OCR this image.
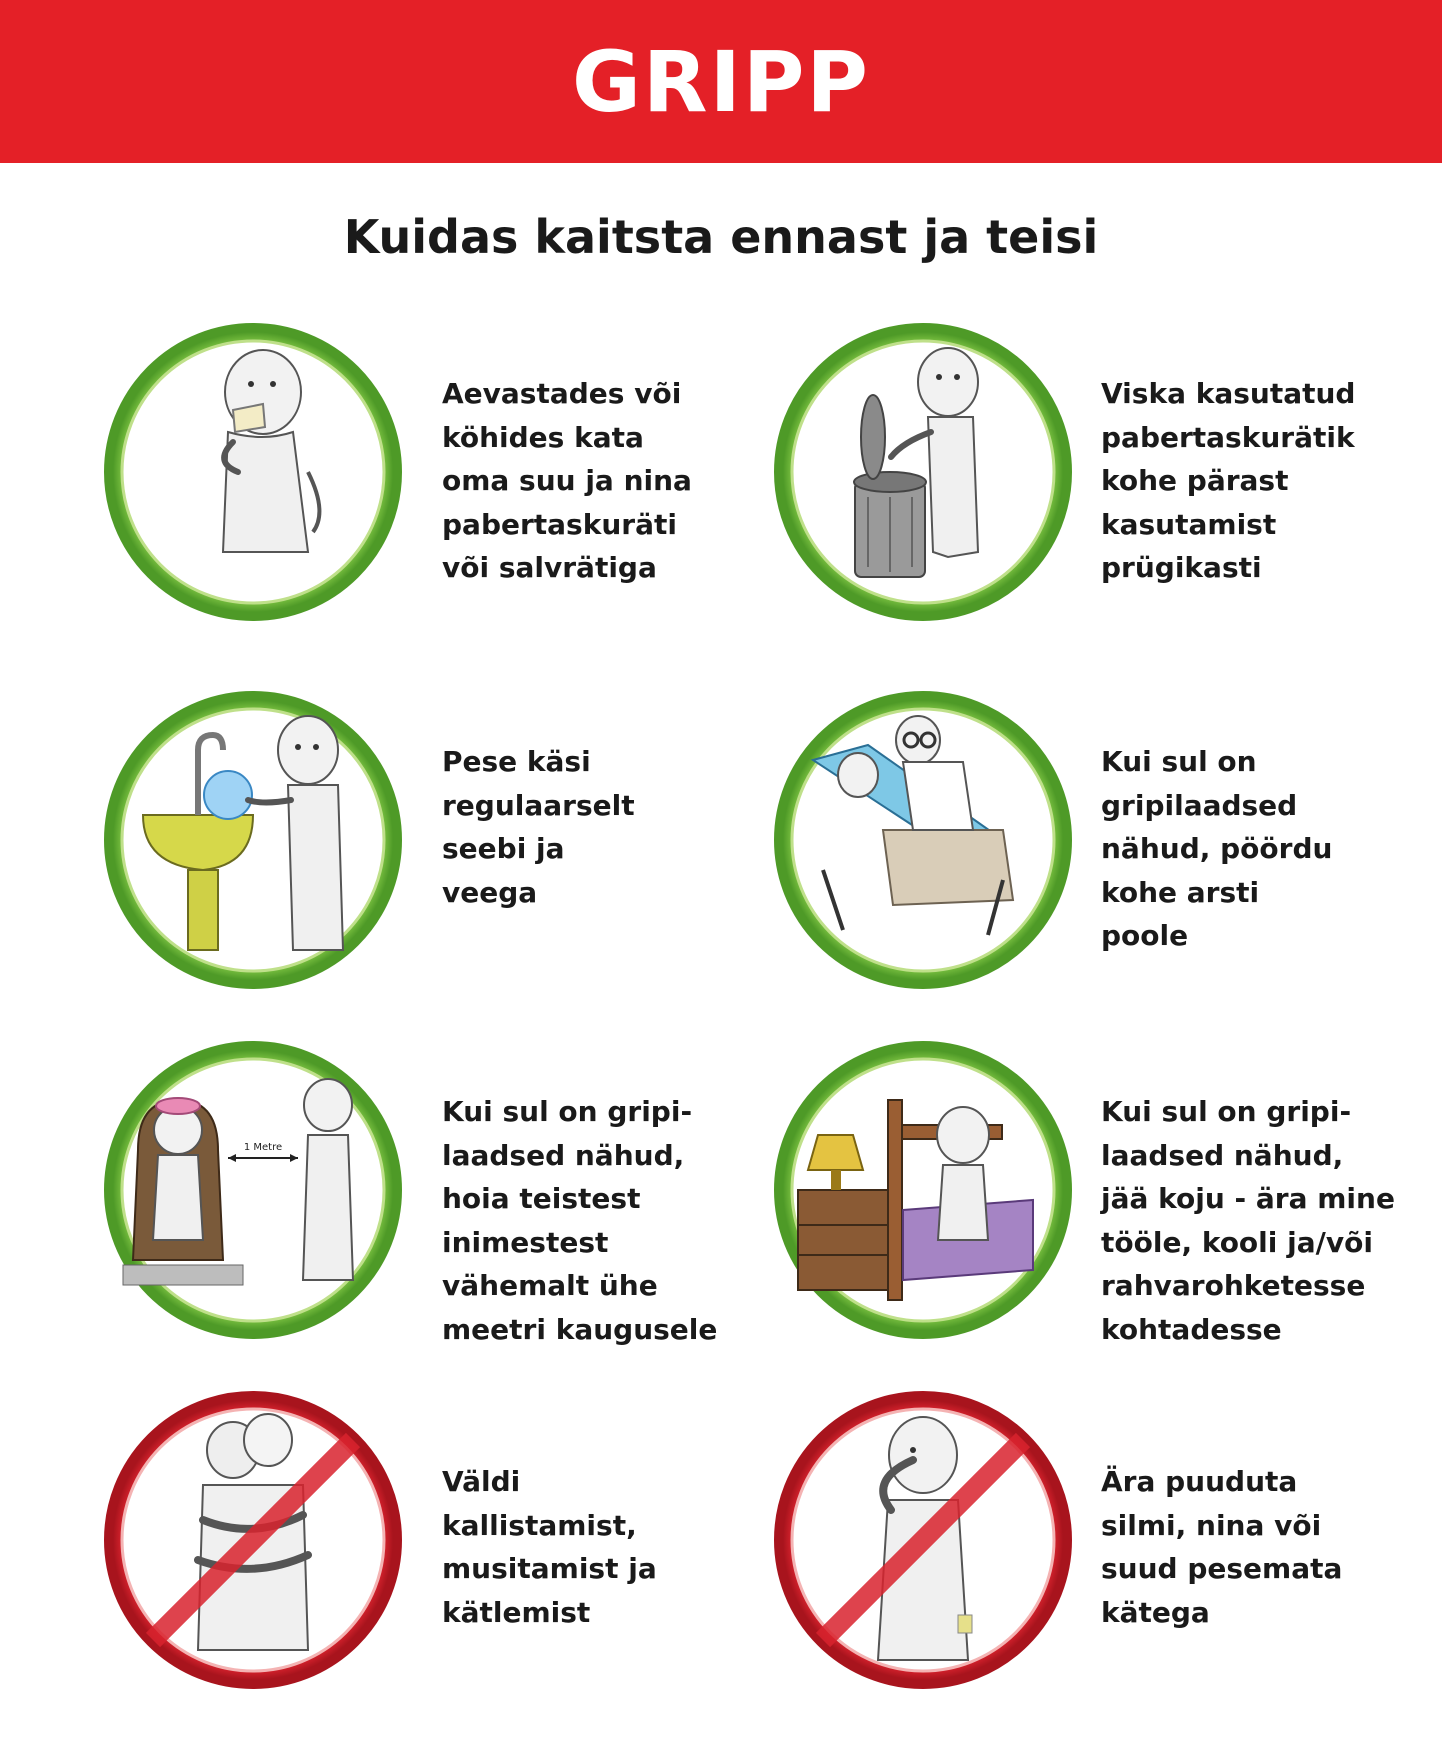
GRIPP
Kuidas kaitsta ennast ja teisi
Aevastades või
köhides kata
oma suu ja nina
pabertaskuräti
või salvrätiga
Viska kasutatud
pabertaskurätik
kohe pärast
kasutamist
prügikasti
Pese käsi
regulaarselt
seebi ja
veega
Kui sul on
gripilaadsed
nähud, pöördu
kohe arsti
poole
1 Metre
Kui sul on gripi-
laadsed nähud,
hoia teistest
inimestest
vähemalt ühe
meetri kaugusele
Kui sul on gripi-
laadsed nähud,
jää koju - ära mine
tööle, kooli ja/või
rahvarohketesse
kohtadesse
Väldi
kallistamist,
musitamist ja
kätlemist
Ära puuduta
silmi, nina või
suud pesemata
kätega
